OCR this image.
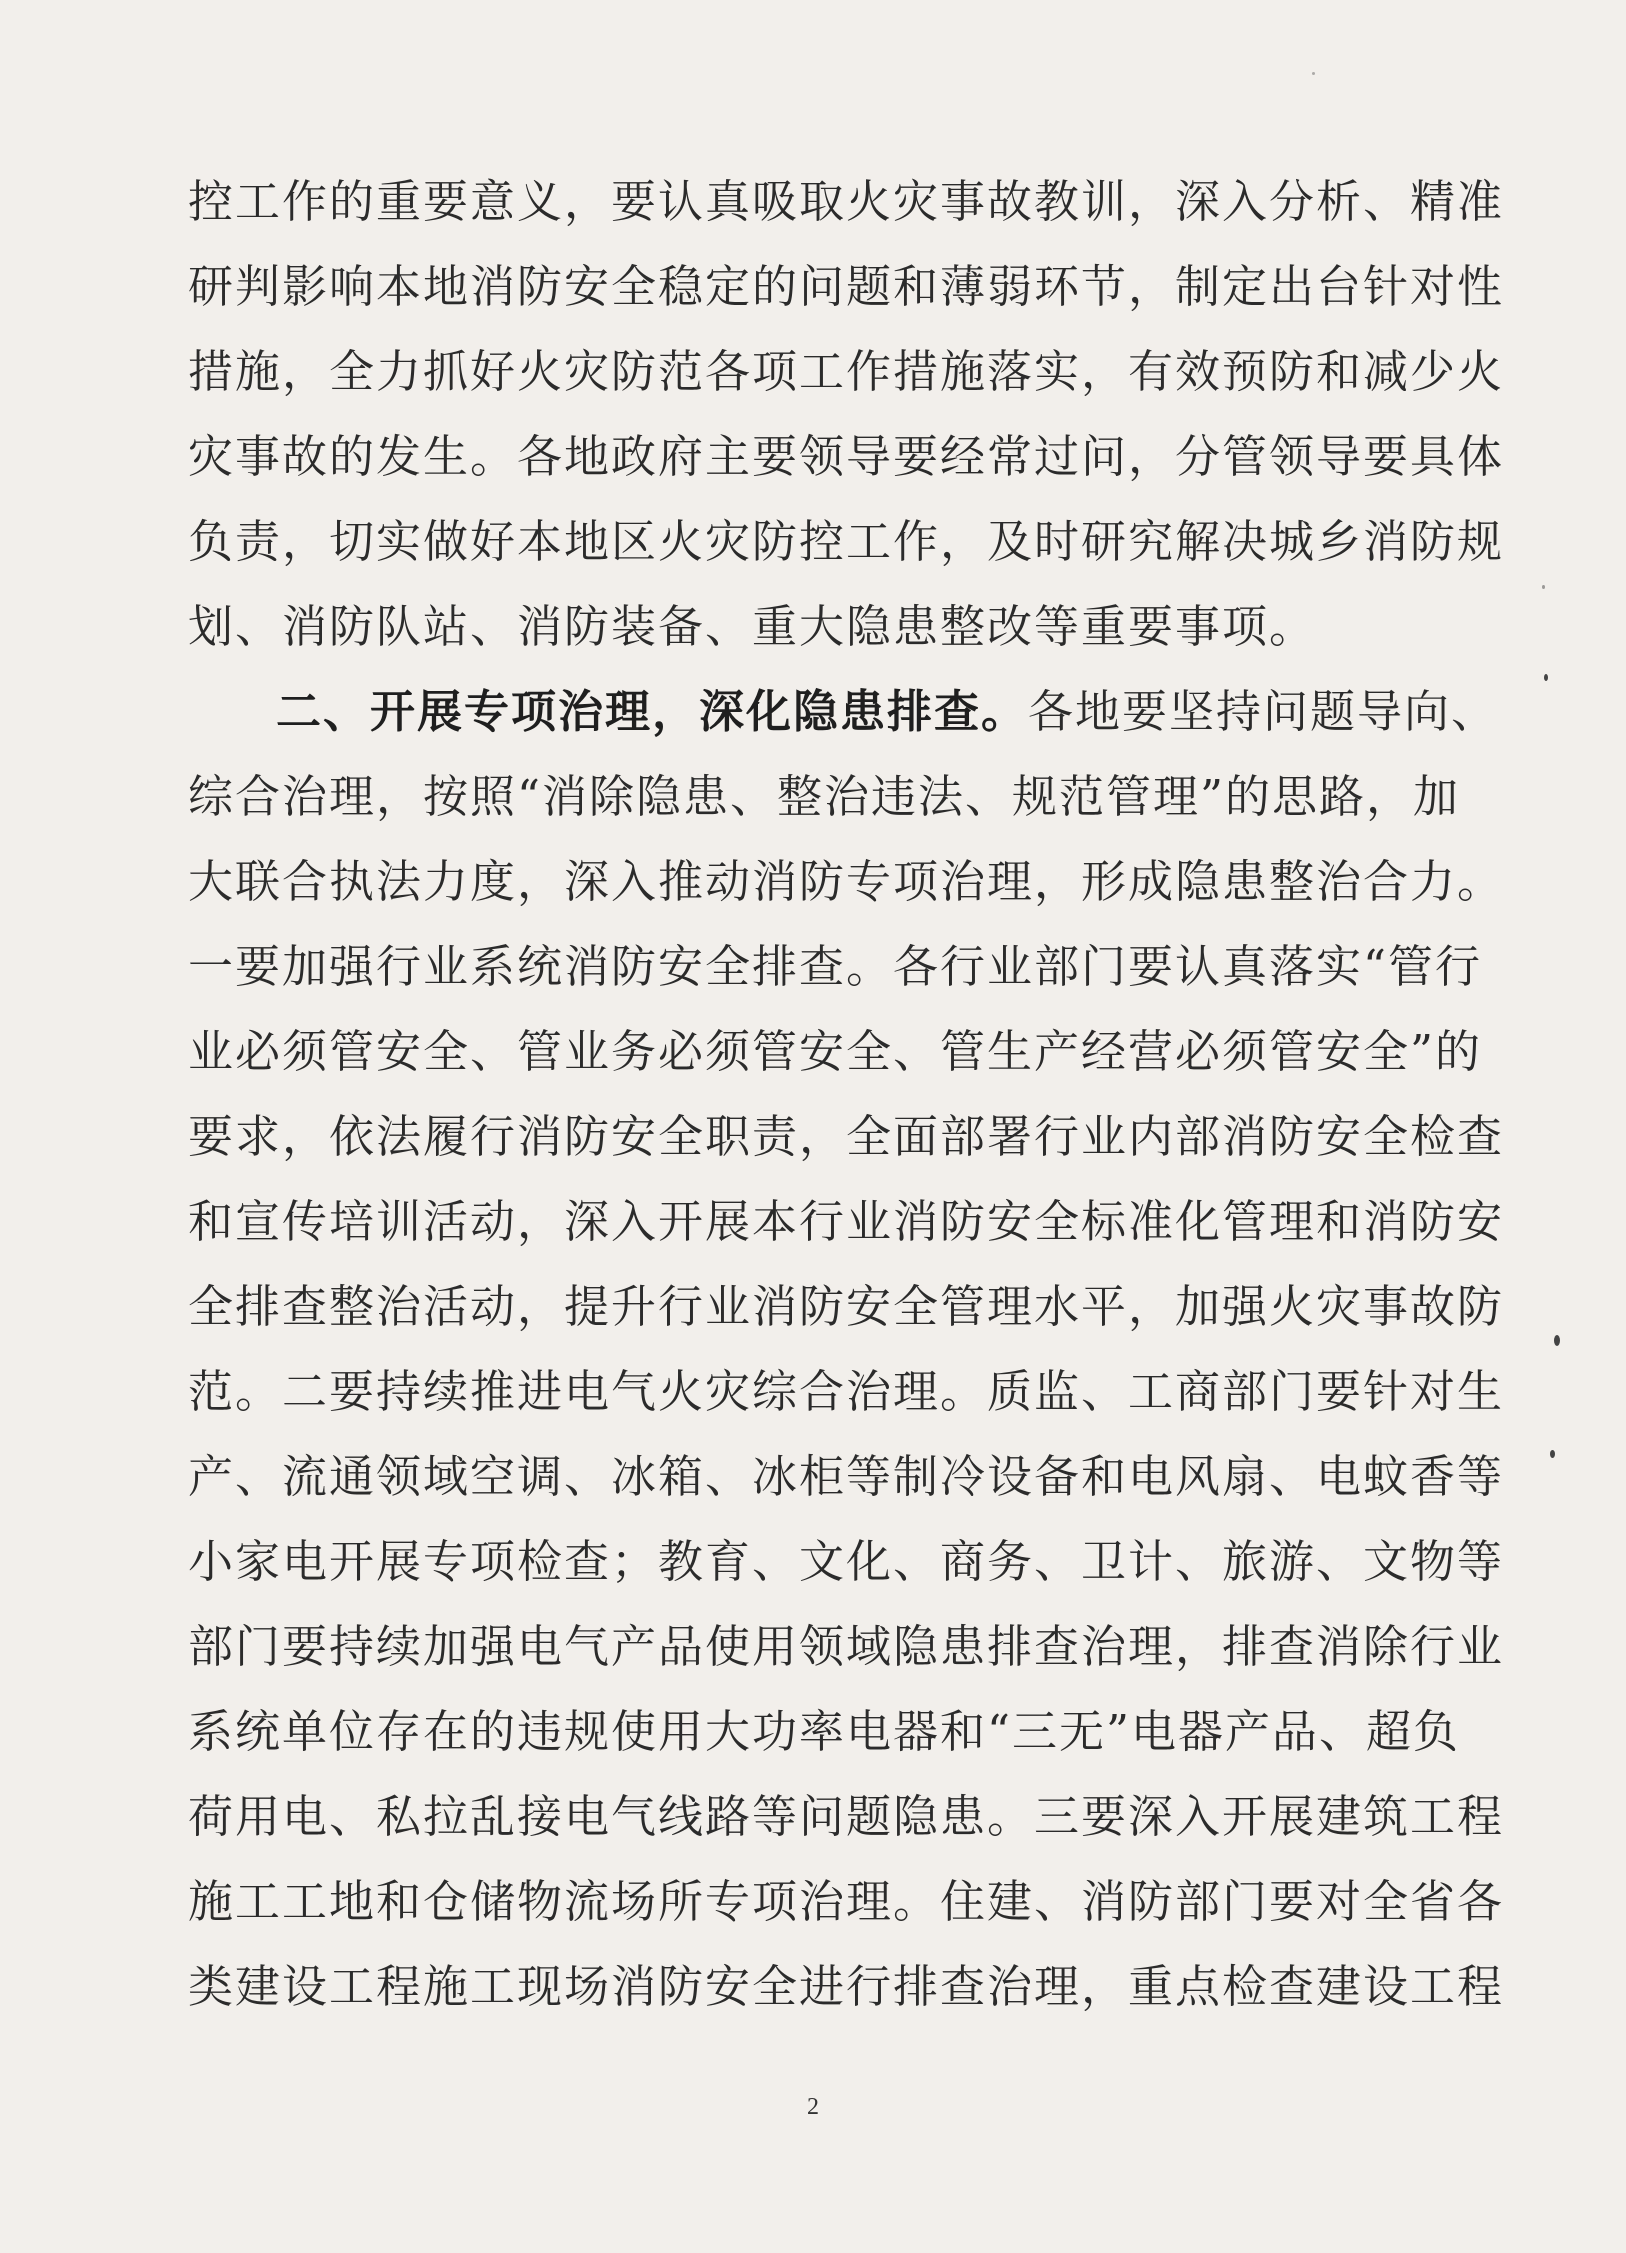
控工作的重要意义，要认真吸取火灾事故教训，深入分析、精准
研判影响本地消防安全稳定的问题和薄弱环节，制定出台针对性
措施，全力抓好火灾防范各项工作措施落实，有效预防和减少火
灾事故的发生。各地政府主要领导要经常过问，分管领导要具体
负责，切实做好本地区火灾防控工作，及时研究解决城乡消防规
划、消防队站、消防装备、重大隐患整改等重要事项。
二、开展专项治理，深化隐患排查。各地要坚持问题导向、
综合治理，按照“消除隐患、整治违法、规范管理”的思路，加
大联合执法力度，深入推动消防专项治理，形成隐患整治合力。
一要加强行业系统消防安全排查。各行业部门要认真落实“管行
业必须管安全、管业务必须管安全、管生产经营必须管安全”的
要求，依法履行消防安全职责，全面部署行业内部消防安全检查
和宣传培训活动，深入开展本行业消防安全标准化管理和消防安
全排查整治活动，提升行业消防安全管理水平，加强火灾事故防
范。二要持续推进电气火灾综合治理。质监、工商部门要针对生
产、流通领域空调、冰箱、冰柜等制冷设备和电风扇、电蚊香等
小家电开展专项检查；教育、文化、商务、卫计、旅游、文物等
部门要持续加强电气产品使用领域隐患排查治理，排查消除行业
系统单位存在的违规使用大功率电器和“三无”电器产品、超负
荷用电、私拉乱接电气线路等问题隐患。三要深入开展建筑工程
施工工地和仓储物流场所专项治理。住建、消防部门要对全省各
类建设工程施工现场消防安全进行排查治理，重点检查建设工程
2
